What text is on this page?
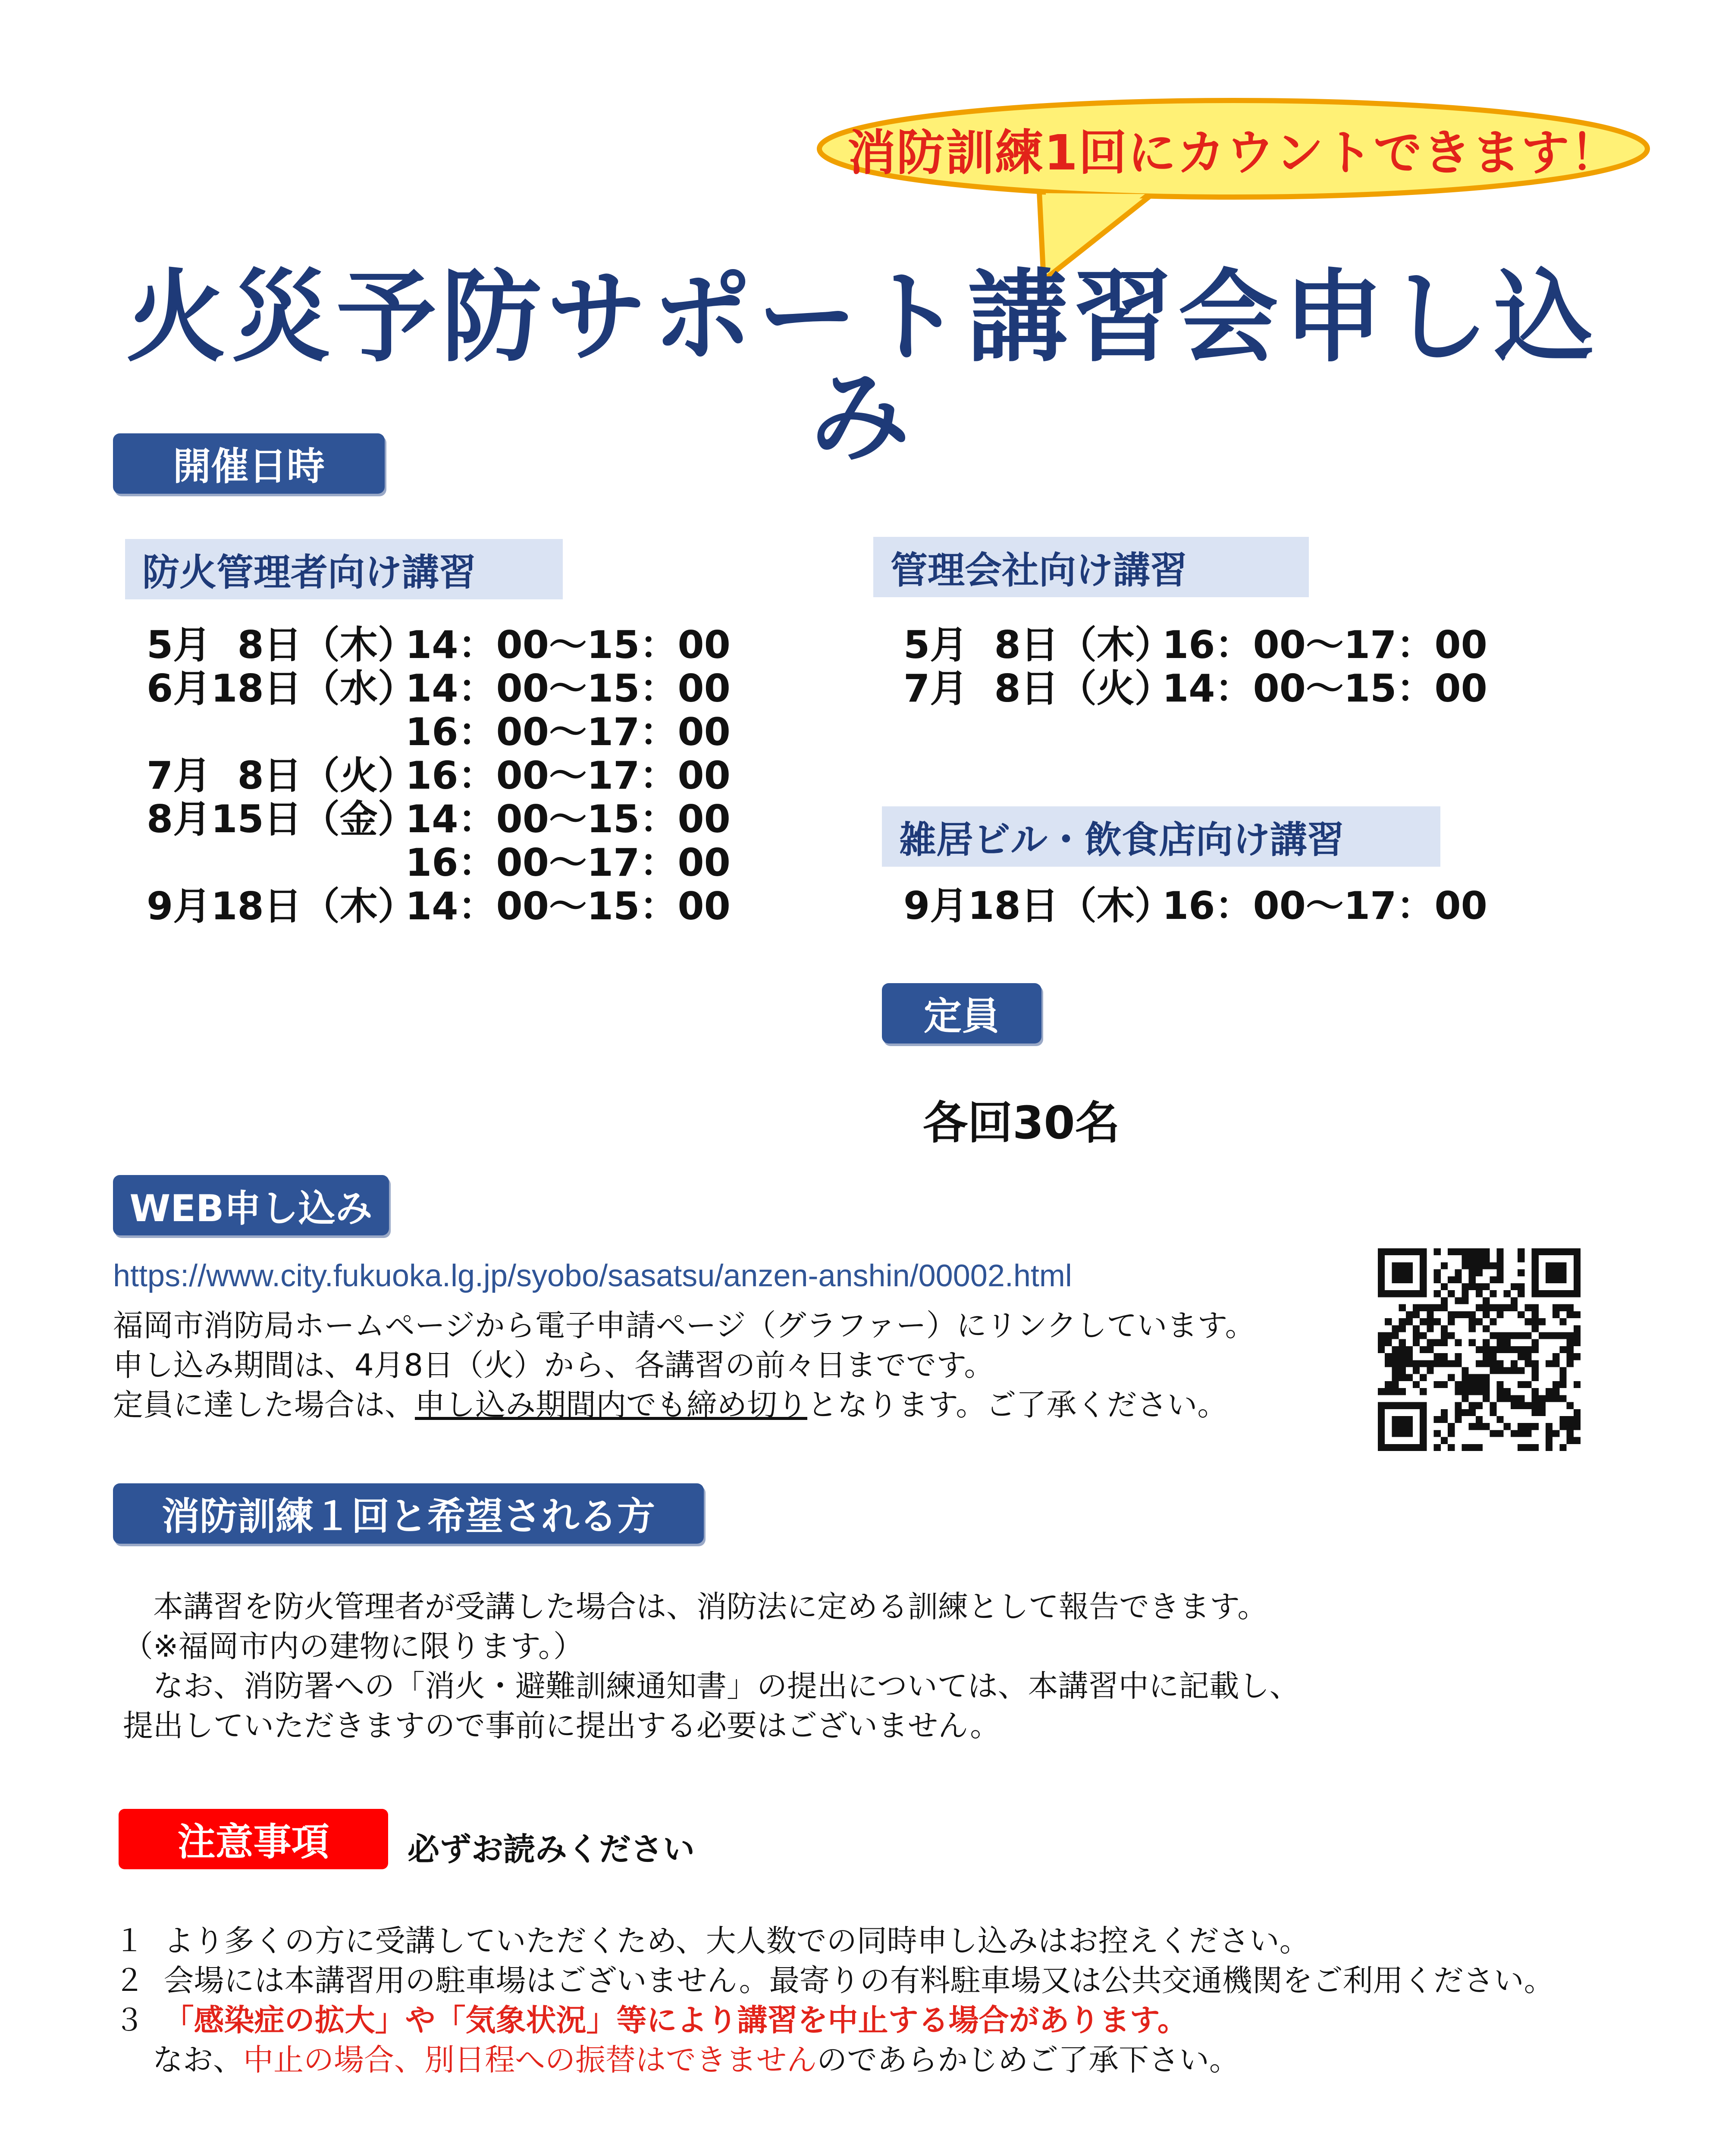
消防訓練1回にカウントできます！
火災予防サポート講習会申し込み
開催日時
防火管理者向け講習
5月  8日（木）
14：00～15：00
6月18日（水）
14：00～15：00
16：00～17：00
7月  8日（火）
16：00～17：00
8月15日（金）
14：00～15：00
16：00～17：00
9月18日（木）
14：00～15：00
管理会社向け講習
5月  8日（木）
16：00～17：00
7月  8日（火）
14：00～15：00
雑居ビル・飲食店向け講習
9月18日（木）
16：00～17：00
定員
各回30名
WEB申し込み
https://www.city.fukuoka.lg.jp/syobo/sasatsu/anzen-anshin/00002.html
福岡市消防局ホームページから電子申請ページ（グラファー）にリンクしています。
申し込み期間は、4月8日（火）から、各講習の前々日までです。
定員に達した場合は、申し込み期間内でも締め切りとなります。ご了承ください。
消防訓練１回と希望される方
　本講習を防火管理者が受講した場合は、消防法に定める訓練として報告できます。
（※福岡市内の建物に限ります。）
　なお、消防署への「消火・避難訓練通知書」の提出については、本講習中に記載し、
提出していただきますので事前に提出する必要はございません。
注意事項	必ずお読みください
１  より多くの方に受講していただくため、大人数での同時申し込みはお控えください。
２  会場には本講習用の駐車場はございません。最寄りの有料駐車場又は公共交通機関をご利用ください。
３  「感染症の拡大」や「気象状況」等により講習を中止する場合があります。
なお、中止の場合、別日程への振替はできませんのであらかじめご了承下さい。
